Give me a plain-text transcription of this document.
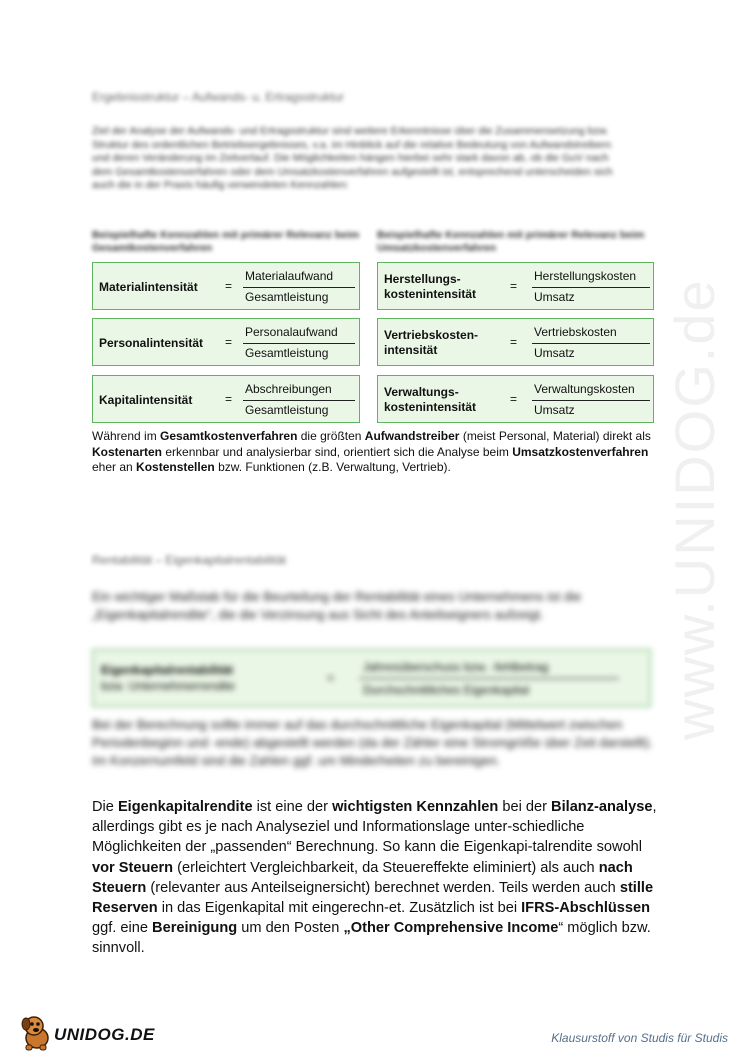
www.UNIDOG.de
Ergebnisstruktur – Aufwands- u. Ertragsstruktur
Ziel der Analyse der Aufwands- und Ertragsstruktur sind weitere Erkenntnisse über die Zusammensetzung bzw. Struktur des ordentlichen Betriebsergebnisses, v.a. im Hinblick auf die relative Bedeutung von Aufwandstreibern und deren Veränderung im Zeitverlauf. Die Möglichkeiten hängen hierbei sehr stark davon ab, ob die GuV nach dem Gesamtkostenverfahren oder dem Umsatzkostenverfahren aufgestellt ist, entsprechend unterscheiden sich auch die in der Praxis häufig verwendeten Kennzahlen:
Beispielhafte Kennzahlen mit primärer Relevanz beim Gesamtkostenverfahren
Beispielhafte Kennzahlen mit primärer Relevanz beim Umsatzkostenverfahren
Materialintensität =
Materialaufwand
Gesamtleistung
Personalintensität =
Personalaufwand
Gesamtleistung
Kapitalintensität	=
Abschreibungen
Gesamtleistung
Herstellungs-
kostenintensität
=
Herstellungskosten
Umsatz
Vertriebskosten-
intensität
=
Vertriebskosten
Umsatz
Verwaltungs-
kostenintensität
=
Verwaltungskosten
Umsatz
Während im Gesamtkostenverfahren die größten Aufwandstreiber (meist Personal, Material) direkt als Kostenarten erkennbar und analysierbar sind, orientiert sich die Analyse beim Umsatzkostenverfahren eher an Kostenstellen bzw. Funktionen (z.B. Verwaltung, Vertrieb).
Rentabilität – Eigenkapitalrentabilität
Ein wichtiger Maßstab für die Beurteilung der Rentabilität eines Unternehmens ist die „Eigenkapitalrendite“, die die Verzinsung aus Sicht des Anteilseigners aufzeigt.
Eigenkapitalrentabilität
bzw. Unternehmerrendite
=
Jahresüberschuss bzw. -fehlbetrag
Durchschnittliches Eigenkapital
Bei der Berechnung sollte immer auf das durchschnittliche Eigenkapital (Mittelwert zwischen Periodenbeginn und -ende) abgestellt werden (da der Zähler eine Stromgröße über Zeit darstellt). Im Konzernumfeld sind die Zahlen ggf. um Minderheiten zu bereinigen.
Die Eigenkapitalrendite ist eine der wichtigsten Kennzahlen bei der Bilanz-analyse, allerdings gibt es je nach Analyseziel und Informationslage unter-schiedliche Möglichkeiten der „passenden“ Berechnung. So kann die Eigenkapi-talrendite sowohl vor Steuern (erleichtert Vergleichbarkeit, da Steuereffekte eliminiert) als auch nach Steuern (relevanter aus Anteilseignersicht) berechnet werden. Teils werden auch stille Reserven in das Eigenkapital mit eingerechn-et. Zusätzlich ist bei IFRS-Abschlüssen ggf. eine Bereinigung um den Posten „Other Comprehensive Income“ möglich bzw. sinnvoll.
UNIDOG.DE	Klausurstoff von Studis für Studis
